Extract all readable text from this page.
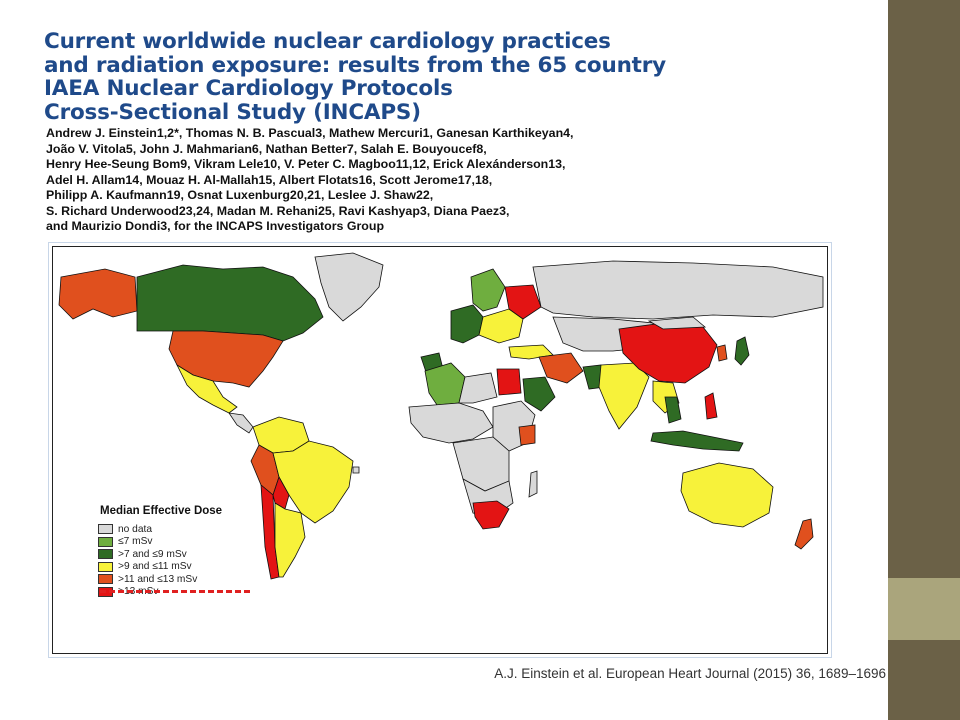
Current worldwide nuclear cardiology practices
and radiation exposure: results from the 65 country
IAEA Nuclear Cardiology Protocols
Cross-Sectional Study (INCAPS)

Andrew J. Einstein1,2*, Thomas N. B. Pascual3, Mathew Mercuri1, Ganesan Karthikeyan4,
João V. Vitola5, John J. Mahmarian6, Nathan Better7, Salah E. Bouyoucef8,
Henry Hee-Seung Bom9, Vikram Lele10, V. Peter C. Magboo11,12, Erick Alexánderson13,
Adel H. Allam14, Mouaz H. Al-Mallah15, Albert Flotats16, Scott Jerome17,18,
Philipp A. Kaufmann19, Osnat Luxenburg20,21, Leslee J. Shaw22,
S. Richard Underwood23,24, Madan M. Rehani25, Ravi Kashyap3, Diana Paez3,
and Maurizio Dondi3, for the INCAPS Investigators Group

Median Effective Dose
no data
≤7 mSv
>7 and ≤9 mSv
>9 and ≤11 mSv
>11 and ≤13 mSv
>13 mSv
A.J. Einstein et al. European Heart Journal (2015) 36, 1689–1696
